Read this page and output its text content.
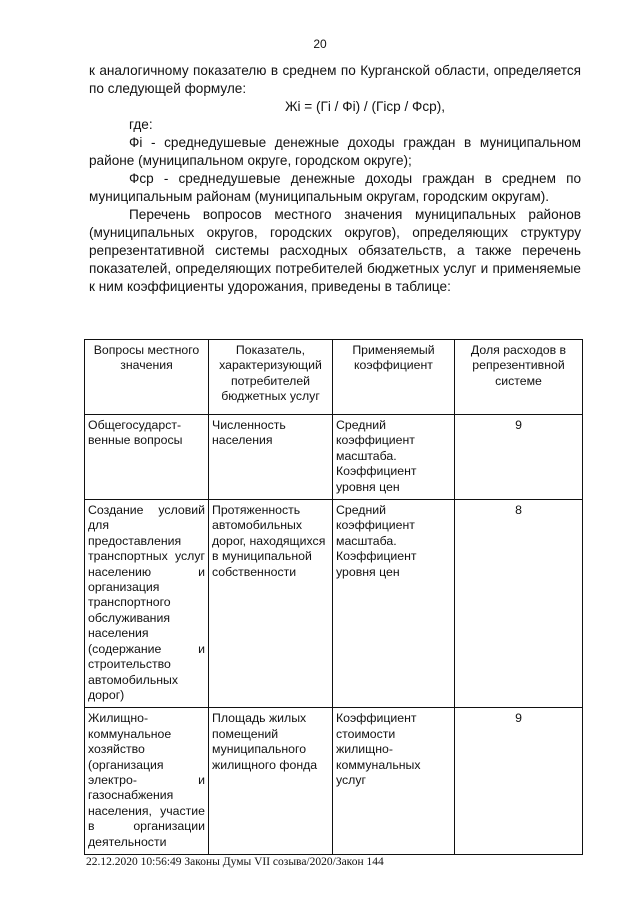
20

к аналогичному показателю в среднем по Курганской области, определяется по следующей формуле:

Жi = (Гi / Фi) / (Гicp / Фср),

где:

Фi - среднедушевые денежные доходы граждан в муниципальном районе (муниципальном округе, городском округе);

Фср - среднедушевые денежные доходы граждан в среднем по муниципальным районам (муниципальным округам, городским округам).

Перечень вопросов местного значения муниципальных районов (муниципальных округов, городских округов), определяющих структуру репрезентативной системы расходных обязательств, а также перечень показателей, определяющих потребителей бюджетных услуг и применяемые к ним коэффициенты удорожания, приведены в таблице:

Вопросы местного значения	Показатель, характеризующий потребителей бюджетных услуг	Применяемый коэффициент	Доля расходов в репрезентивной системе
Общегосударст-венные вопросы	Численность населения	Средний коэффициент масштаба. Коэффициент уровня цен	9
Создание условий для предоставления транспортных услуг населению и организация транспортного обслуживания населения (содержание и строительство автомобильных дорог)	Протяженность автомобильных дорог, находящихся в муниципальной собственности	Средний коэффициент масштаба. Коэффициент уровня цен	8
Жилищно-коммунальное хозяйство (организация электро- и газоснабжения населения, участие в организации деятельности	Площадь жилых помещений муниципального жилищного фонда	Коэффициент стоимости жилищно-коммунальных услуг	9
22.12.2020 10:56:49 Законы Думы VII созыва/2020/Закон 144
